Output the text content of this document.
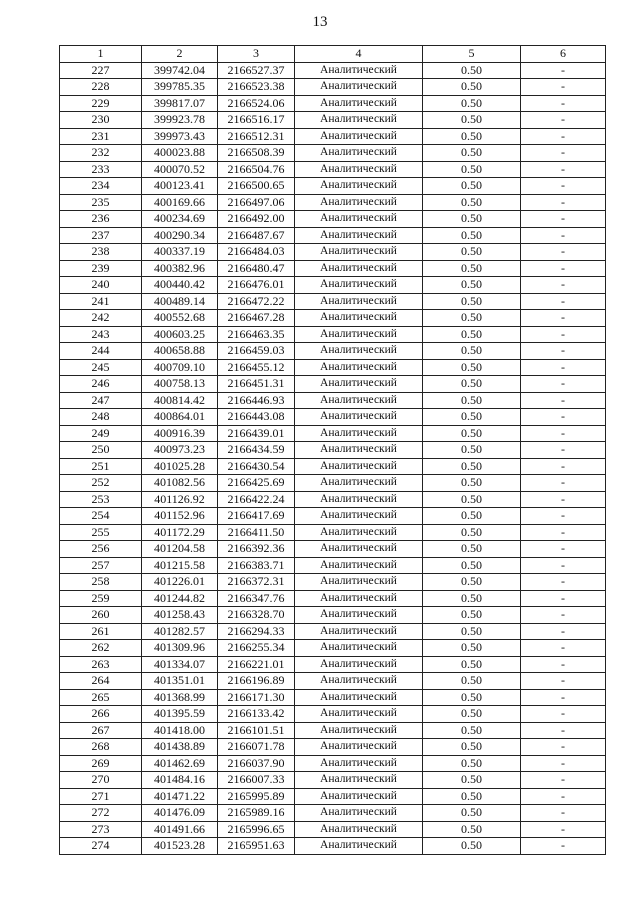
13
1	2	3	4	5	6
227	399742.04	2166527.37	Аналитический	0.50	-
228	399785.35	2166523.38	Аналитический	0.50	-
229	399817.07	2166524.06	Аналитический	0.50	-
230	399923.78	2166516.17	Аналитический	0.50	-
231	399973.43	2166512.31	Аналитический	0.50	-
232	400023.88	2166508.39	Аналитический	0.50	-
233	400070.52	2166504.76	Аналитический	0.50	-
234	400123.41	2166500.65	Аналитический	0.50	-
235	400169.66	2166497.06	Аналитический	0.50	-
236	400234.69	2166492.00	Аналитический	0.50	-
237	400290.34	2166487.67	Аналитический	0.50	-
238	400337.19	2166484.03	Аналитический	0.50	-
239	400382.96	2166480.47	Аналитический	0.50	-
240	400440.42	2166476.01	Аналитический	0.50	-
241	400489.14	2166472.22	Аналитический	0.50	-
242	400552.68	2166467.28	Аналитический	0.50	-
243	400603.25	2166463.35	Аналитический	0.50	-
244	400658.88	2166459.03	Аналитический	0.50	-
245	400709.10	2166455.12	Аналитический	0.50	-
246	400758.13	2166451.31	Аналитический	0.50	-
247	400814.42	2166446.93	Аналитический	0.50	-
248	400864.01	2166443.08	Аналитический	0.50	-
249	400916.39	2166439.01	Аналитический	0.50	-
250	400973.23	2166434.59	Аналитический	0.50	-
251	401025.28	2166430.54	Аналитический	0.50	-
252	401082.56	2166425.69	Аналитический	0.50	-
253	401126.92	2166422.24	Аналитический	0.50	-
254	401152.96	2166417.69	Аналитический	0.50	-
255	401172.29	2166411.50	Аналитический	0.50	-
256	401204.58	2166392.36	Аналитический	0.50	-
257	401215.58	2166383.71	Аналитический	0.50	-
258	401226.01	2166372.31	Аналитический	0.50	-
259	401244.82	2166347.76	Аналитический	0.50	-
260	401258.43	2166328.70	Аналитический	0.50	-
261	401282.57	2166294.33	Аналитический	0.50	-
262	401309.96	2166255.34	Аналитический	0.50	-
263	401334.07	2166221.01	Аналитический	0.50	-
264	401351.01	2166196.89	Аналитический	0.50	-
265	401368.99	2166171.30	Аналитический	0.50	-
266	401395.59	2166133.42	Аналитический	0.50	-
267	401418.00	2166101.51	Аналитический	0.50	-
268	401438.89	2166071.78	Аналитический	0.50	-
269	401462.69	2166037.90	Аналитический	0.50	-
270	401484.16	2166007.33	Аналитический	0.50	-
271	401471.22	2165995.89	Аналитический	0.50	-
272	401476.09	2165989.16	Аналитический	0.50	-
273	401491.66	2165996.65	Аналитический	0.50	-
274	401523.28	2165951.63	Аналитический	0.50	-
